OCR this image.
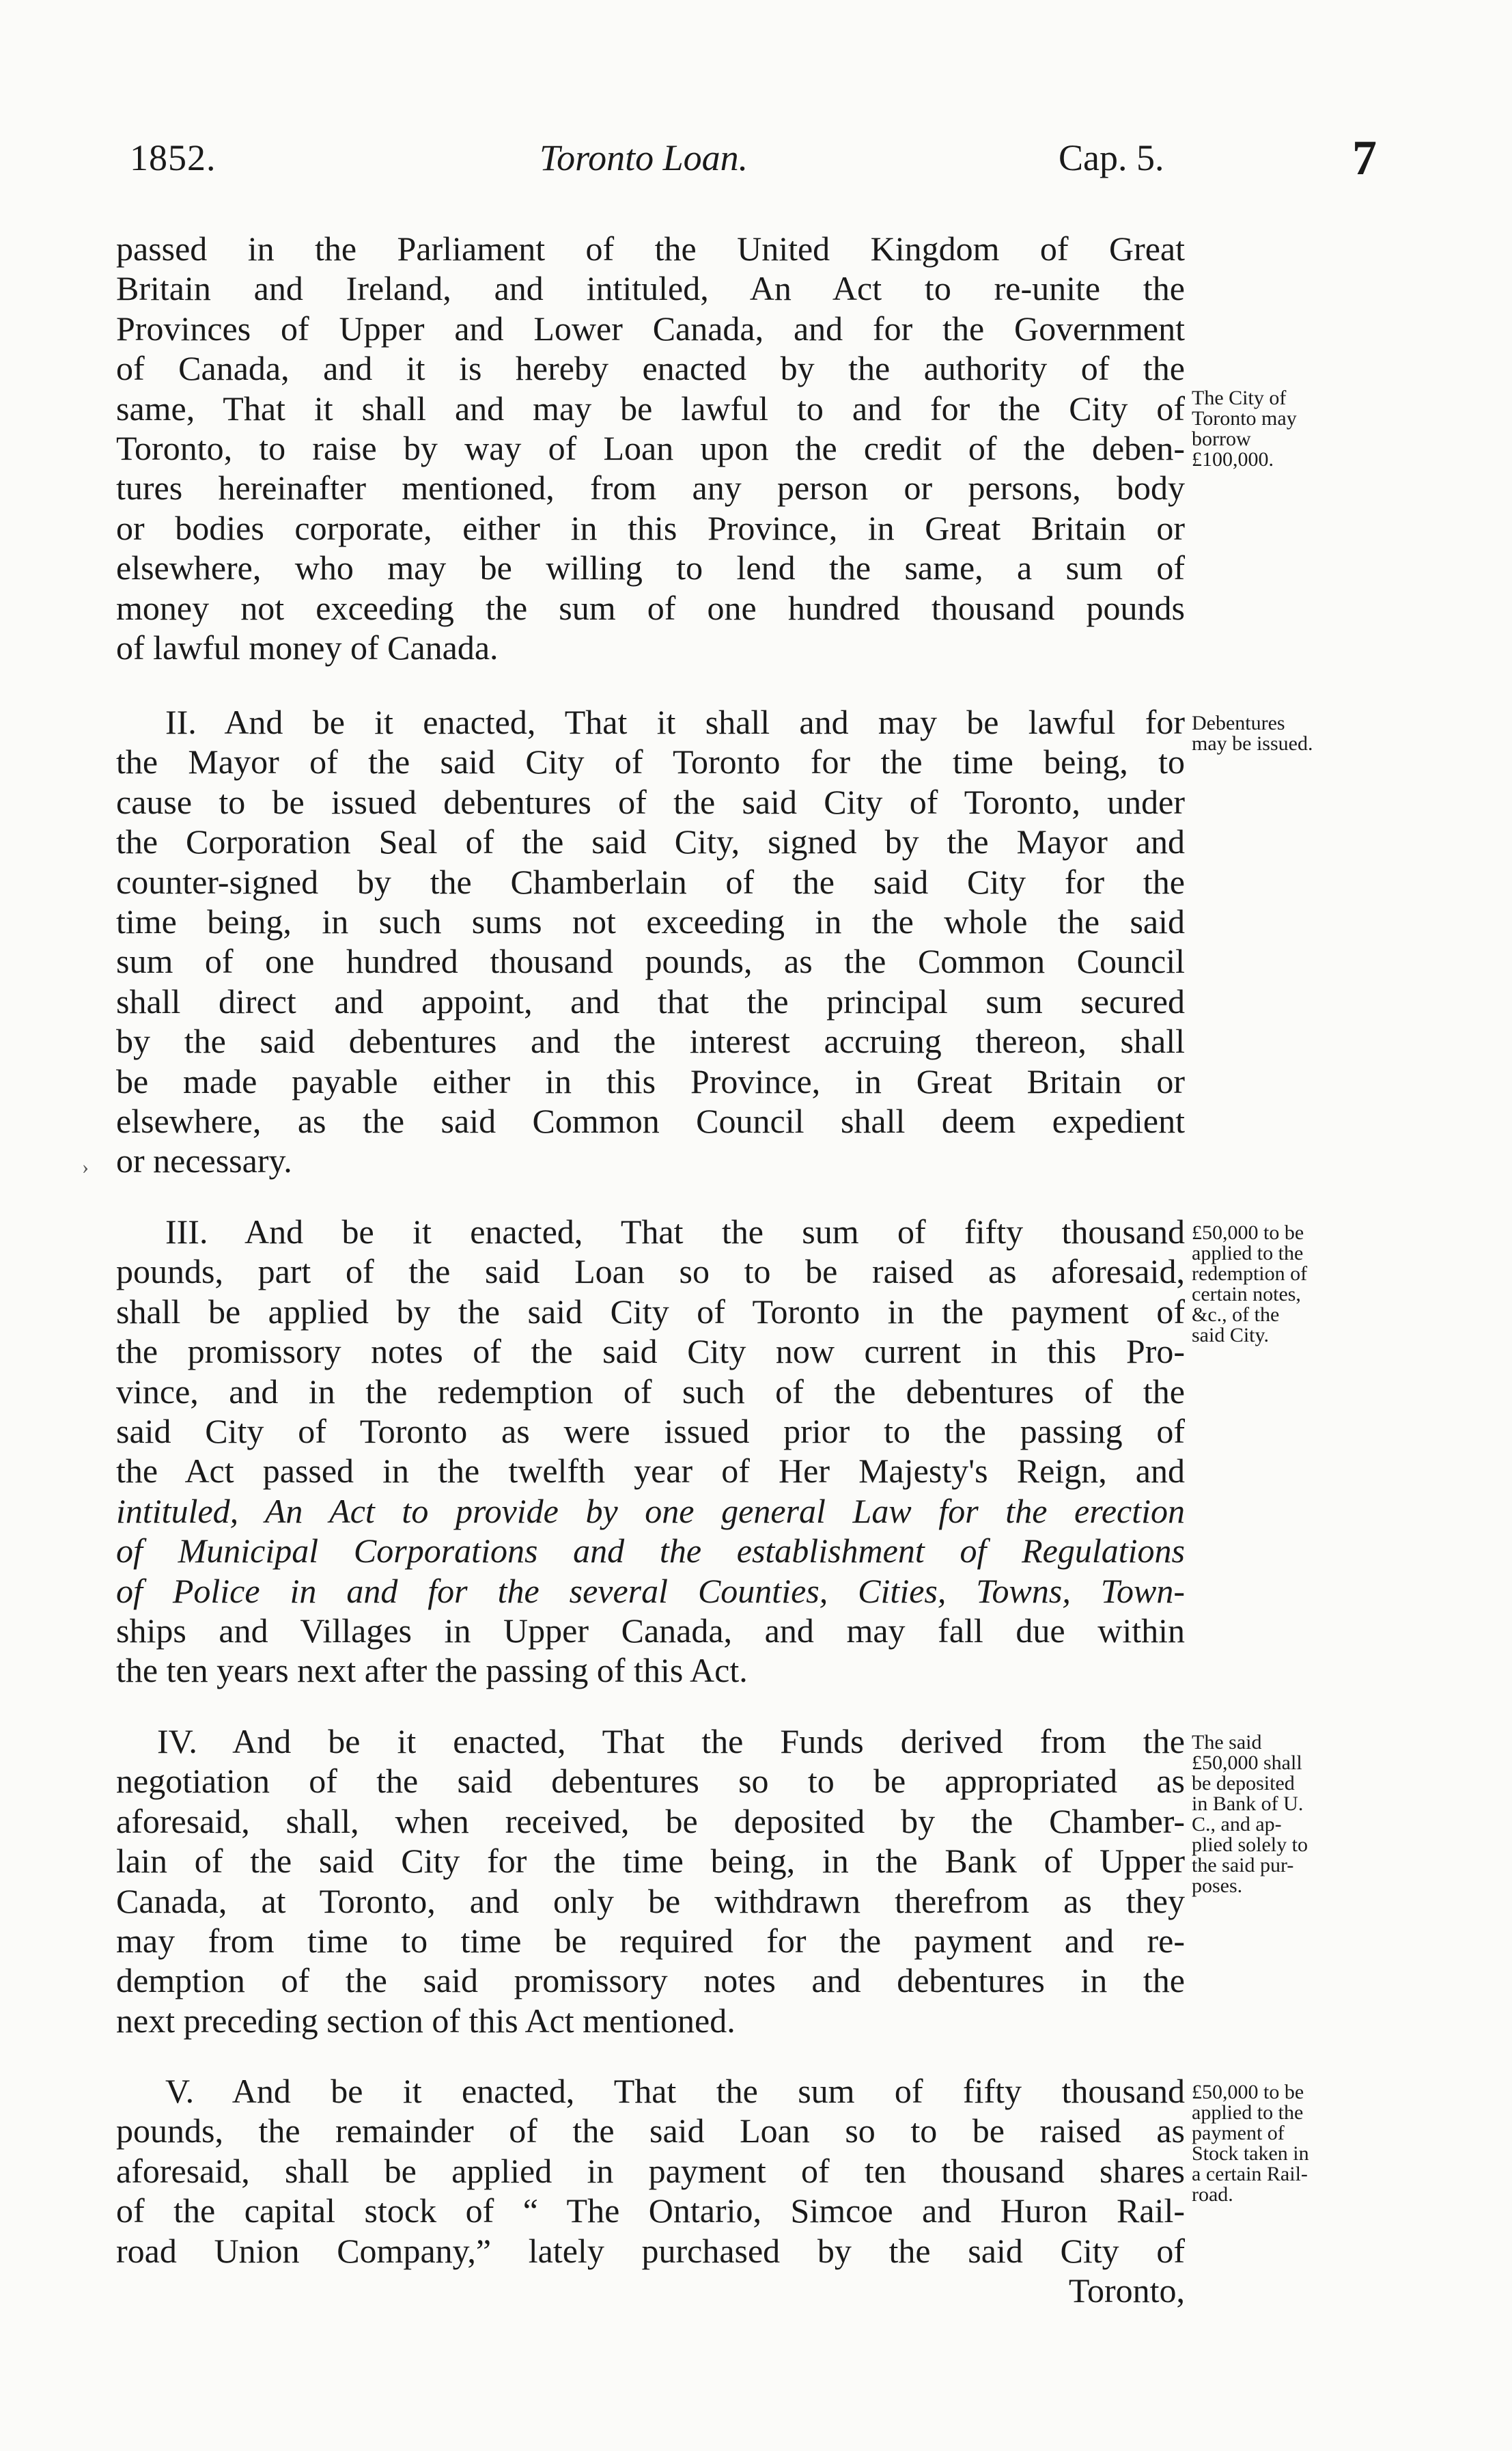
1852.	Toronto Loan.	Cap. 5.	7
passed in the Parliament of the United Kingdom of Great
Britain and Ireland, and intituled, An Act to re-unite the
Provinces of Upper and Lower Canada, and for the Government
of Canada, and it is hereby enacted by the authority of the
same, That it shall and may be lawful to and for the City of
Toronto, to raise by way of Loan upon the credit of the deben-
tures hereinafter mentioned, from any person or persons, body
or bodies corporate, either in this Province, in Great Britain or
elsewhere, who may be willing to lend the same, a sum of
money not exceeding the sum of one hundred thousand pounds
of lawful money of Canada.
The City of
Toronto may
borrow
£100,000.
II. And be it enacted, That it shall and may be lawful for
the Mayor of the said City of Toronto for the time being, to
cause to be issued debentures of the said City of Toronto, under
the Corporation Seal of the said City, signed by the Mayor and
counter-signed by the Chamberlain of the said City for the
time being, in such sums not exceeding in the whole the said
sum of one hundred thousand pounds, as the Common Council
shall direct and appoint, and that the principal sum secured
by the said debentures and the interest accruing thereon, shall
be made payable either in this Province, in Great Britain or
elsewhere, as the said Common Council shall deem expedient
or necessary.
Debentures
may be issued.
›
III. And be it enacted, That the sum of fifty thousand
pounds, part of the said Loan so to be raised as aforesaid,
shall be applied by the said City of Toronto in the payment of
the promissory notes of the said City now current in this Pro-
vince, and in the redemption of such of the debentures of the
said City of Toronto as were issued prior to the passing of
the Act passed in the twelfth year of Her Majesty's Reign, and
intituled, An Act to provide by one general Law for the erection
of Municipal Corporations and the establishment of Regulations
of Police in and for the several Counties, Cities, Towns, Town-
ships and Villages in Upper Canada, and may fall due within
the ten years next after the passing of this Act.
£50,000 to be
applied to the
redemption of
certain notes,
&c., of the
said City.
IV. And be it enacted, That the Funds derived from the
negotiation of the said debentures so to be appropriated as
aforesaid, shall, when received, be deposited by the Chamber-
lain of the said City for the time being, in the Bank of Upper
Canada, at Toronto, and only be withdrawn therefrom as they
may from time to time be required for the payment and re-
demption of the said promissory notes and debentures in the
next preceding section of this Act mentioned.
The said
£50,000 shall
be deposited
in Bank of U.
C., and ap-
plied solely to
the said pur-
poses.
V. And be it enacted, That the sum of fifty thousand
pounds, the remainder of the said Loan so to be raised as
aforesaid, shall be applied in payment of ten thousand shares
of the capital stock of “ The Ontario, Simcoe and Huron Rail-
road Union Company,” lately purchased by the said City of
Toronto,
£50,000 to be
applied to the
payment of
Stock taken in
a certain Rail-
road.
